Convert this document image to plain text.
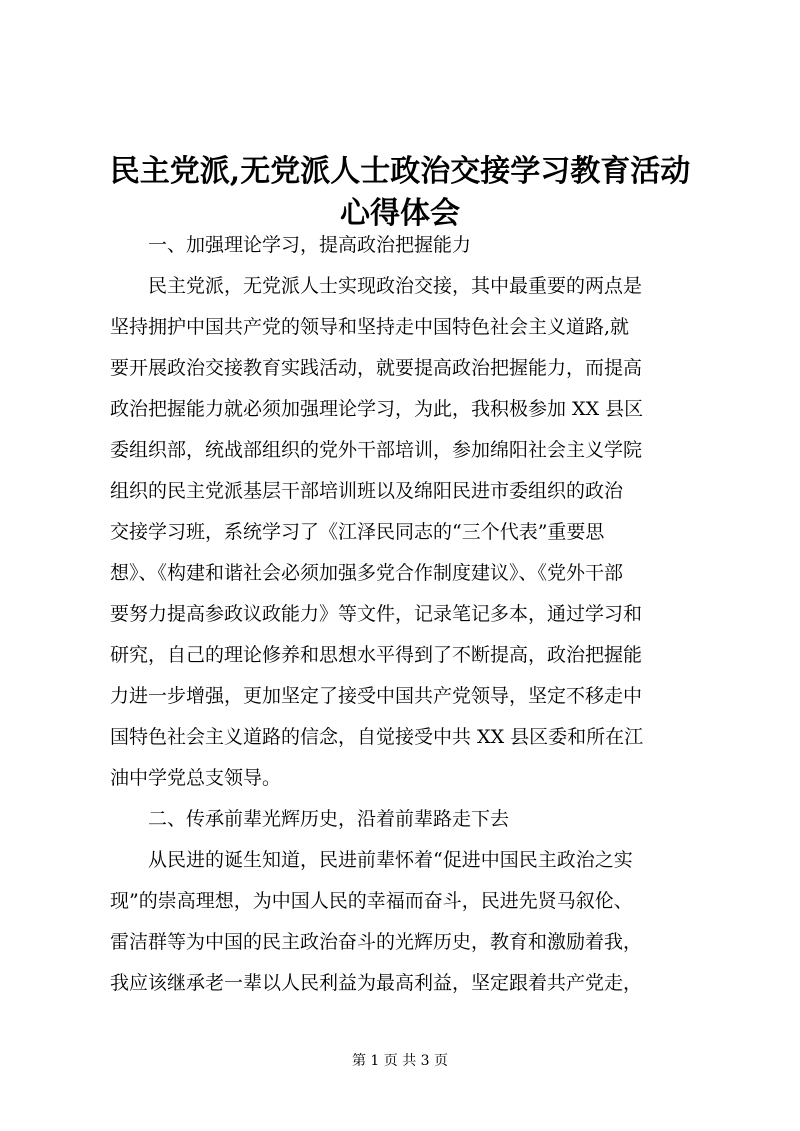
民主党派,无党派人士政治交接学习教育活动
心得体会
一、加强理论学习，提高政治把握能力
民主党派，无党派人士实现政治交接，其中最重要的两点是
坚持拥护中国共产党的领导和坚持走中国特色社会主义道路,就
要开展政治交接教育实践活动，就要提高政治把握能力，而提高
政治把握能力就必须加强理论学习，为此，我积极参加 XX 县区
委组织部，统战部组织的党外干部培训，参加绵阳社会主义学院
组织的民主党派基层干部培训班以及绵阳民进市委组织的政治
交接学习班，系统学习了《江泽民同志的“三个代表”重要思
想》、《构建和谐社会必须加强多党合作制度建议》、《党外干部
要努力提高参政议政能力》等文件，记录笔记多本，通过学习和
研究，自己的理论修养和思想水平得到了不断提高，政治把握能
力进一步增强，更加坚定了接受中国共产党领导，坚定不移走中
国特色社会主义道路的信念，自觉接受中共 XX 县区委和所在江
油中学党总支领导。
二、传承前辈光辉历史，沿着前辈路走下去
从民进的诞生知道，民进前辈怀着“促进中国民主政治之实
现”的崇高理想，为中国人民的幸福而奋斗，民进先贤马叙伦、
雷洁群等为中国的民主政治奋斗的光辉历史，教育和激励着我，
我应该继承老一辈以人民利益为最高利益，坚定跟着共产党走，
第 1 页 共 3 页
